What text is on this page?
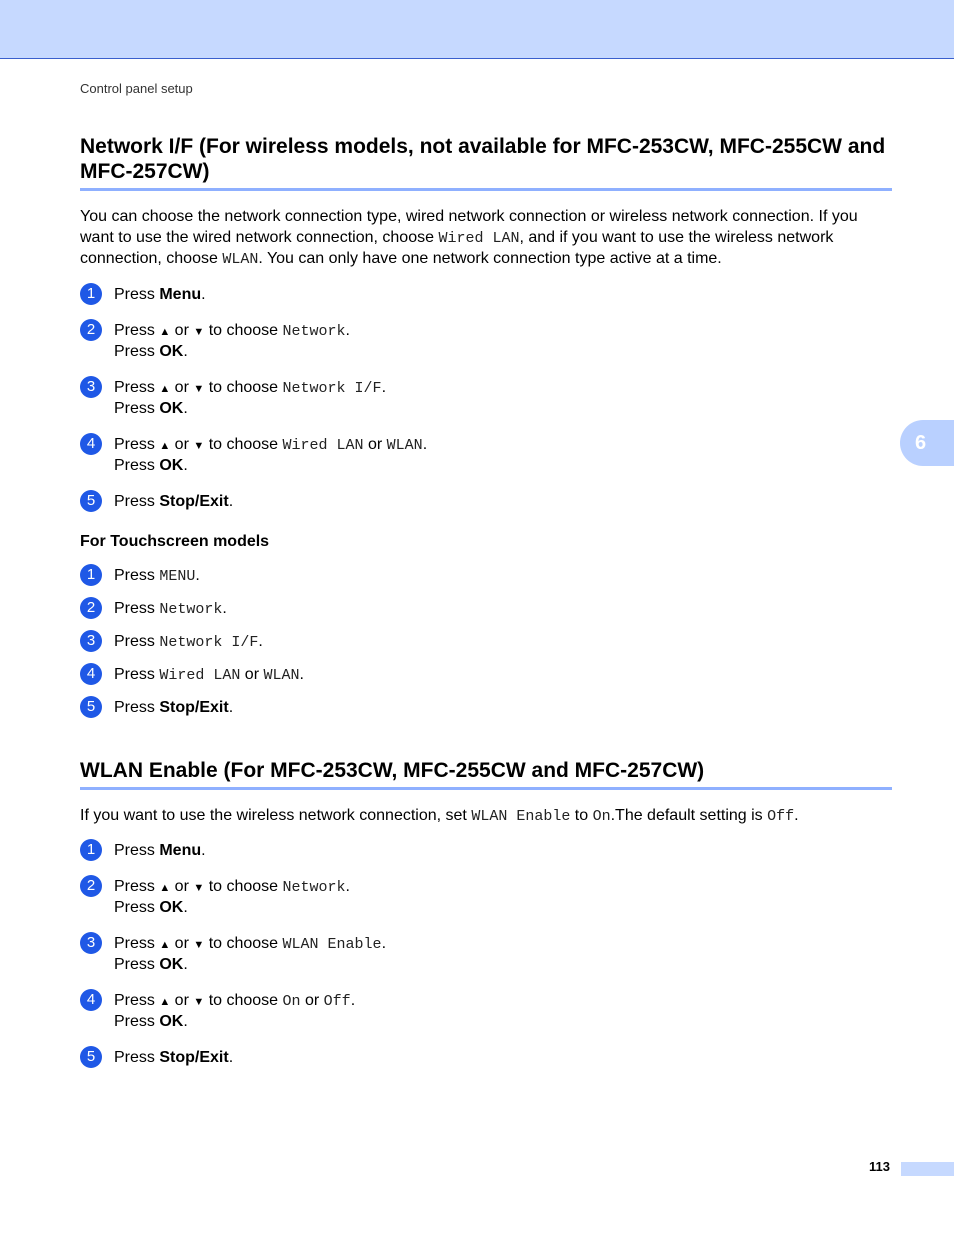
Control panel setup
6
Network I/F (For wireless models, not available for MFC-253CW, MFC-255CW and MFC-257CW)

You can choose the network connection type, wired network connection or wireless network connection. If you want to use the wired network connection, choose Wired LAN, and if you want to use the wireless network connection, choose WLAN. You can only have one network connection type active at a time.

1	Press Menu.
2	Press ▲ or ▼ to choose Network.
Press OK.
3	Press ▲ or ▼ to choose Network I/F.
Press OK.
4	Press ▲ or ▼ to choose Wired LAN or WLAN.
Press OK.
5	Press Stop/Exit.
For Touchscreen models
1	Press MENU.
2	Press Network.
3	Press Network I/F.
4	Press Wired LAN or WLAN.
5	Press Stop/Exit.
WLAN Enable (For MFC-253CW, MFC-255CW and MFC-257CW)

If you want to use the wireless network connection, set WLAN Enable to On.The default setting is Off.

1	Press Menu.
2	Press ▲ or ▼ to choose Network.
Press OK.
3	Press ▲ or ▼ to choose WLAN Enable.
Press OK.
4	Press ▲ or ▼ to choose On or Off.
Press OK.
5	Press Stop/Exit.
113
